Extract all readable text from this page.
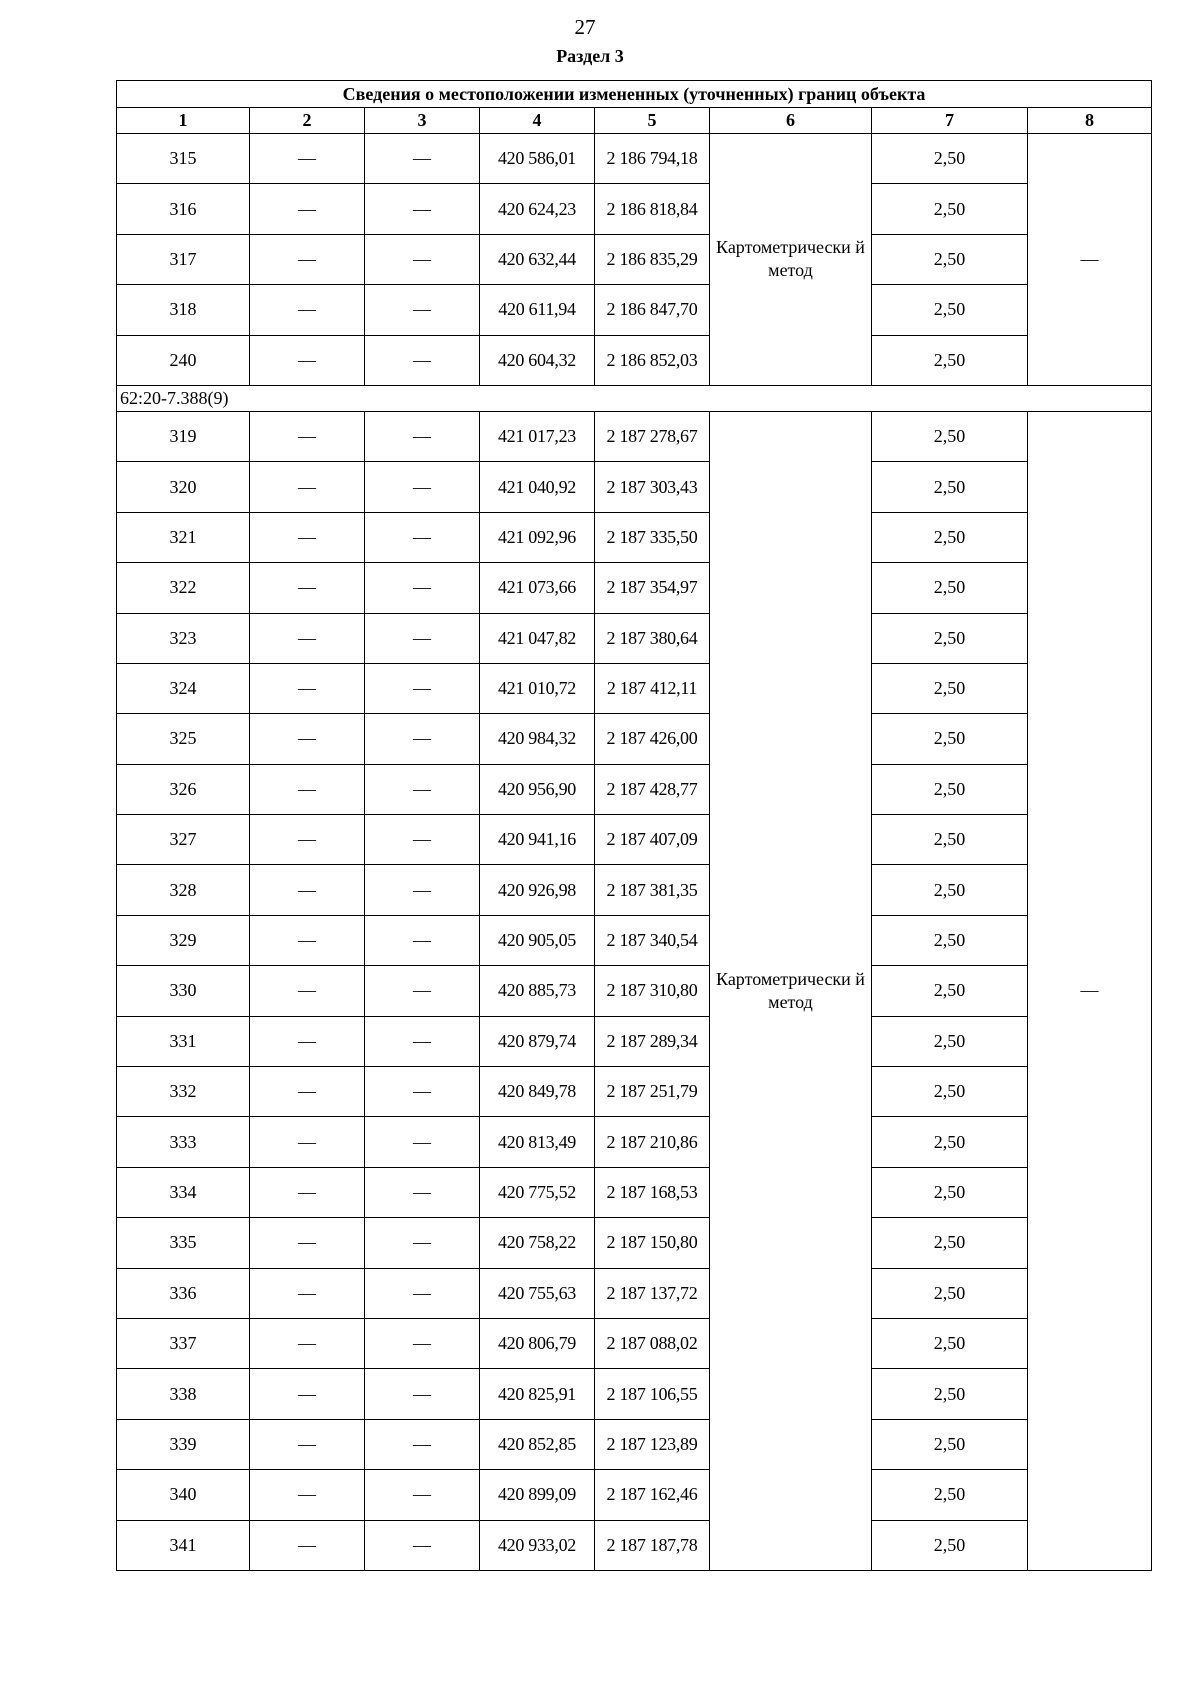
27
Раздел 3
Сведения о местоположении измененных (уточненных) границ объекта							
1	2	3	4	5	6	7	8
315	—	—	420 586,01	2 186 794,18	Картометрически й метод	2,50	—
316	—	—	420 624,23	2 186 818,84		2,50	
317	—	—	420 632,44	2 186 835,29		2,50	
318	—	—	420 611,94	2 186 847,70		2,50	
240	—	—	420 604,32	2 186 852,03		2,50	
62:20-7.388(9)							
319	—	—	421 017,23	2 187 278,67	Картометрически й метод	2,50	—
320	—	—	421 040,92	2 187 303,43		2,50	
321	—	—	421 092,96	2 187 335,50		2,50	
322	—	—	421 073,66	2 187 354,97		2,50	
323	—	—	421 047,82	2 187 380,64		2,50	
324	—	—	421 010,72	2 187 412,11		2,50	
325	—	—	420 984,32	2 187 426,00		2,50	
326	—	—	420 956,90	2 187 428,77		2,50	
327	—	—	420 941,16	2 187 407,09		2,50	
328	—	—	420 926,98	2 187 381,35		2,50	
329	—	—	420 905,05	2 187 340,54		2,50	
330	—	—	420 885,73	2 187 310,80		2,50	
331	—	—	420 879,74	2 187 289,34		2,50	
332	—	—	420 849,78	2 187 251,79		2,50	
333	—	—	420 813,49	2 187 210,86		2,50	
334	—	—	420 775,52	2 187 168,53		2,50	
335	—	—	420 758,22	2 187 150,80		2,50	
336	—	—	420 755,63	2 187 137,72		2,50	
337	—	—	420 806,79	2 187 088,02		2,50	
338	—	—	420 825,91	2 187 106,55		2,50	
339	—	—	420 852,85	2 187 123,89		2,50	
340	—	—	420 899,09	2 187 162,46		2,50	
341	—	—	420 933,02	2 187 187,78		2,50	
